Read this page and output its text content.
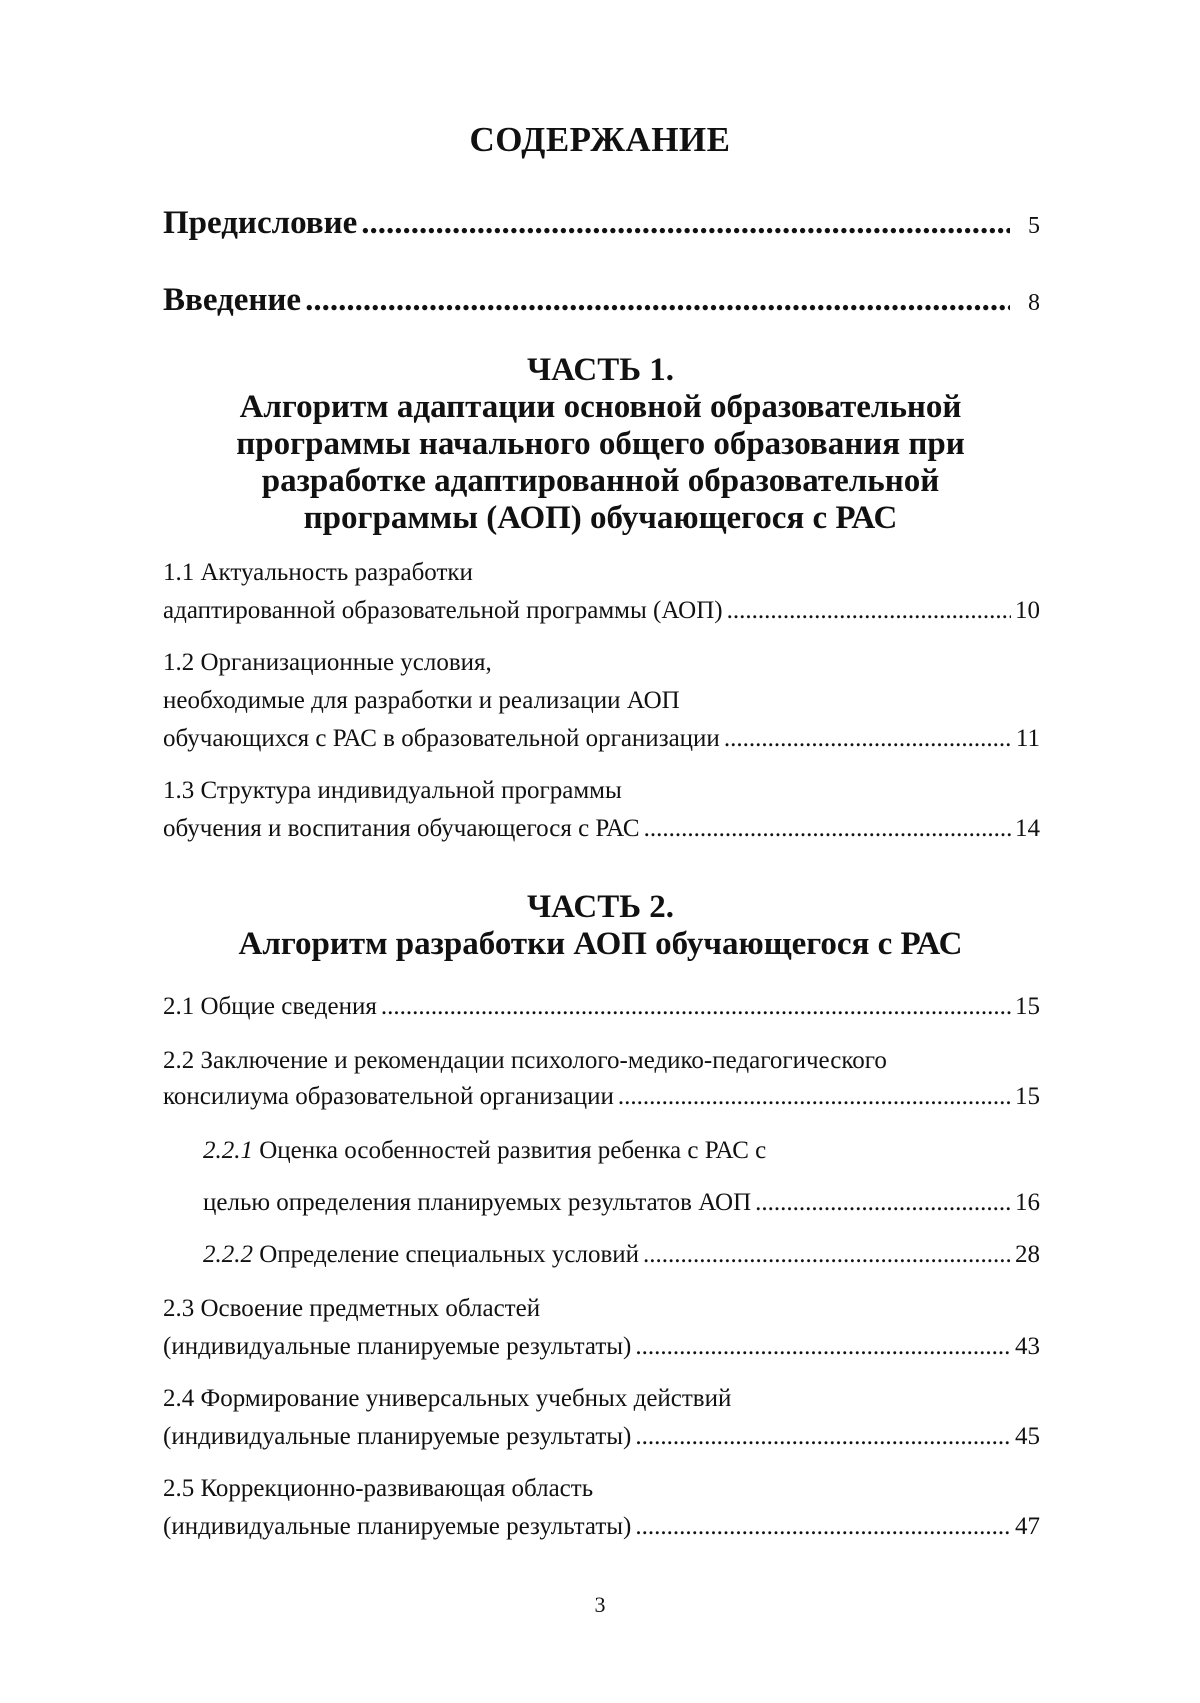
СОДЕРЖАНИЕ
Предисловие .....	5
Введение .....	8
ЧАСТЬ 1.
Алгоритм адаптации основной образовательной
программы начального общего образования при
разработке адаптированной образовательной
программы (АОП) обучающегося с РАС
1.1 Актуальность разработки
адаптированной образовательной программы (АОП) .....	10
1.2 Организационные условия,
необходимые для разработки и реализации АОП
обучающихся с РАС в образовательной организации .....	11
1.3 Структура индивидуальной программы
обучения и воспитания обучающегося с РАС .....	14
ЧАСТЬ 2.
Алгоритм разработки АОП обучающегося с РАС
2.1 Общие сведения .....	15
2.2 Заключение и рекомендации психолого-медико-педагогического
консилиума образовательной организации .....	15
2.2.1 Оценка особенностей развития ребенка с РАС с
целью определения планируемых результатов АОП .....	16
2.2.2 Определение специальных условий .....	28
2.3 Освоение предметных областей
(индивидуальные планируемые результаты) .....	43
2.4 Формирование универсальных учебных действий
(индивидуальные планируемые результаты) .....	45
2.5 Коррекционно-развивающая область
(индивидуальные планируемые результаты) .....	47
3
